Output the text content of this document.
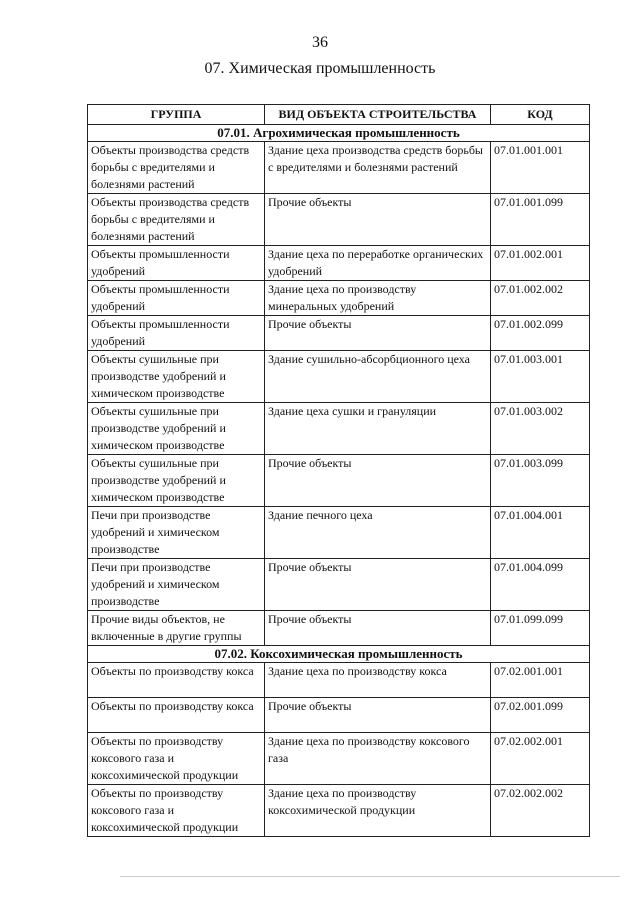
36
07. Химическая промышленность
ГРУППА	ВИД ОБЪЕКТА СТРОИТЕЛЬСТВА	КОД
07.01. Агрохимическая промышленность		
Объекты производства средств борьбы с вредителями и болезнями растений	Здание цеха производства средств борьбы с вредителями и болезнями растений	07.01.001.001
Объекты производства средств борьбы с вредителями и болезнями растений	Прочие объекты	07.01.001.099
Объекты промышленности удобрений	Здание цеха по переработке органических удобрений	07.01.002.001
Объекты промышленности удобрений	Здание цеха по производству минеральных удобрений	07.01.002.002
Объекты промышленности удобрений	Прочие объекты	07.01.002.099
Объекты сушильные при производстве удобрений и химическом производстве	Здание сушильно-абсорбционного цеха	07.01.003.001
Объекты сушильные при производстве удобрений и химическом производстве	Здание цеха сушки и грануляции	07.01.003.002
Объекты сушильные при производстве удобрений и химическом производстве	Прочие объекты	07.01.003.099
Печи при производстве удобрений и химическом производстве	Здание печного цеха	07.01.004.001
Печи при производстве удобрений и химическом производстве	Прочие объекты	07.01.004.099
Прочие виды объектов, не включенные в другие группы	Прочие объекты	07.01.099.099
07.02. Коксохимическая промышленность		
Объекты по производству кокса	Здание цеха по производству кокса	07.02.001.001
Объекты по производству кокса	Прочие объекты	07.02.001.099
Объекты по производству коксового газа и коксохимической продукции	Здание цеха по производству коксового газа	07.02.002.001
Объекты по производству коксового газа и коксохимической продукции	Здание цеха по производству коксохимической продукции	07.02.002.002
